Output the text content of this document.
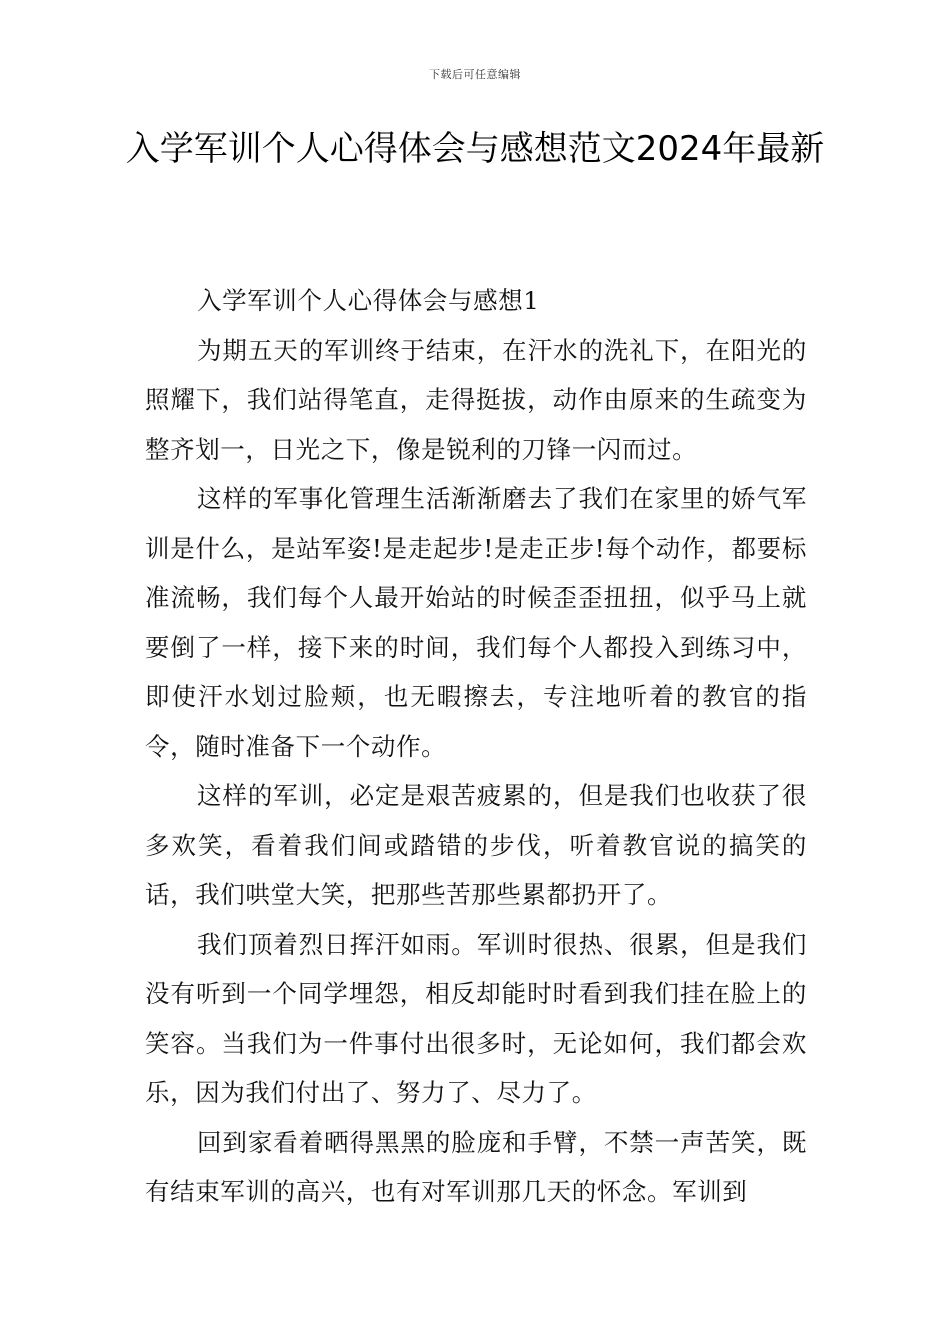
下载后可任意编辑
入学军训个人心得体会与感想范文2024年最新

入学军训个人心得体会与感想1

为期五天的军训终于结束，在汗水的洗礼下，在阳光的照耀下，我们站得笔直，走得挺拔，动作由原来的生疏变为整齐划一，日光之下，像是锐利的刀锋一闪而过。

这样的军事化管理生活渐渐磨去了我们在家里的娇气军训是什么，是站军姿!是走起步!是走正步!每个动作，都要标准流畅，我们每个人最开始站的时候歪歪扭扭，似乎马上就要倒了一样，接下来的时间，我们每个人都投入到练习中，即使汗水划过脸颊，也无暇擦去，专注地听着的教官的指令，随时准备下一个动作。

这样的军训，必定是艰苦疲累的，但是我们也收获了很多欢笑，看着我们间或踏错的步伐，听着教官说的搞笑的话，我们哄堂大笑，把那些苦那些累都扔开了。

我们顶着烈日挥汗如雨。军训时很热、很累，但是我们没有听到一个同学埋怨，相反却能时时看到我们挂在脸上的笑容。当我们为一件事付出很多时，无论如何，我们都会欢乐，因为我们付出了、努力了、尽力了。

回到家看着晒得黑黑的脸庞和手臂，不禁一声苦笑，既有结束军训的高兴，也有对军训那几天的怀念。军训到
